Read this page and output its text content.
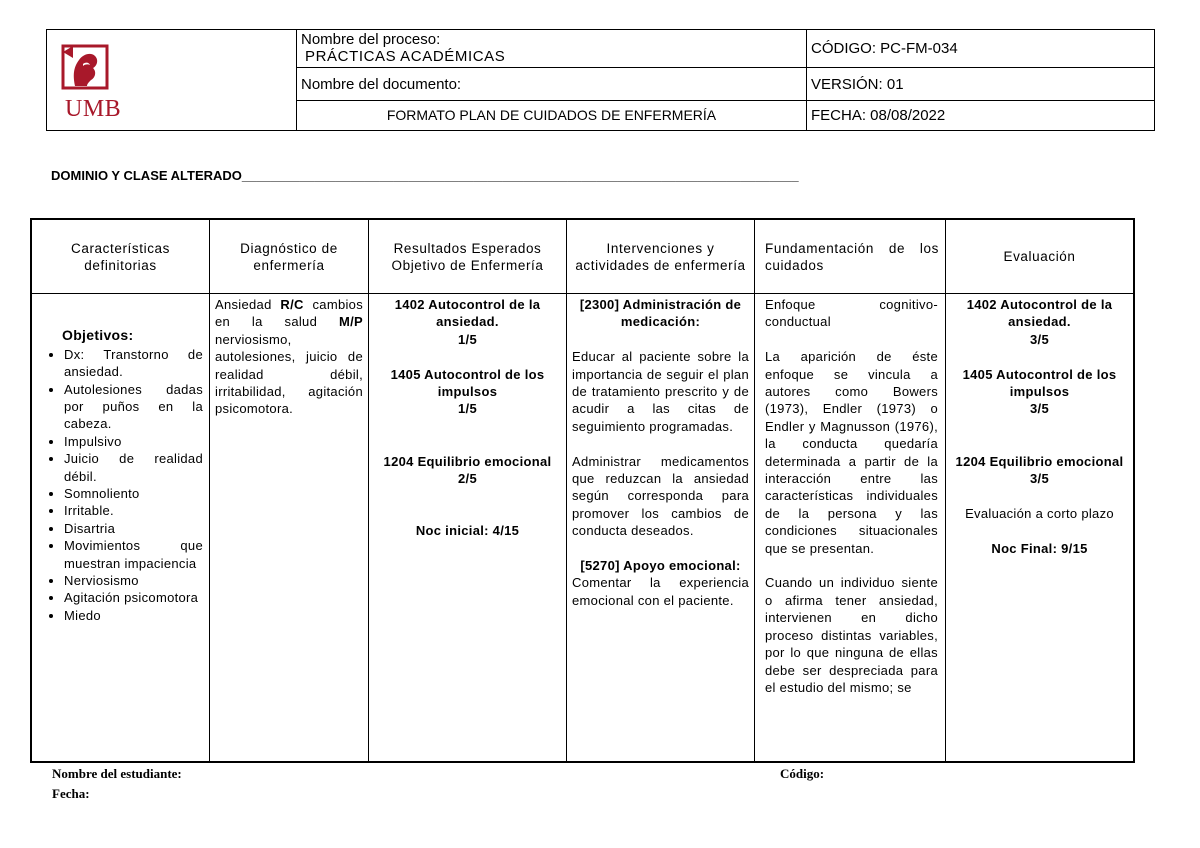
UMB
Nombre del proceso:
PRÁCTICAS ACADÉMICAS
Nombre del documento:
FORMATO PLAN DE CUIDADOS DE ENFERMERÍA
CÓDIGO: PC-FM-034
VERSIÓN: 01
FECHA: 08/08/2022
DOMINIO Y CLASE ALTERADO_____________________________________________________________________________
Características definitorias
Objetivos:
• Dx: Transtorno de ansiedad.
• Autolesiones dadas por puños en la cabeza.
• Impulsivo
• Juicio de realidad débil.
• Somnoliento
• Irritable.
• Disartria
• Movimientos que muestran impaciencia
• Nerviosismo
• Agitación psicomotora
• Miedo
Diagnóstico de enfermería
Ansiedad R/C cambios en la salud M/P nerviosismo, autolesiones, juicio de realidad débil, irritabilidad, agitación psicomotora.
Resultados Esperados Objetivo de Enfermería
1402 Autocontrol de la ansiedad.
1/5
1405 Autocontrol de los impulsos
1/5
1204 Equilibrio emocional
2/5
Noc inicial: 4/15
Intervenciones y actividades de enfermería
[2300] Administración de medicación:
Educar al paciente sobre la importancia de seguir el plan de tratamiento prescrito y de acudir a las citas de seguimiento programadas.
Administrar medicamentos que reduzcan la ansiedad según corresponda para promover los cambios de conducta deseados.
[5270] Apoyo emocional:
Comentar la experiencia emocional con el paciente.
Fundamentación de los cuidados
Enfoque cognitivo-conductual
La aparición de éste enfoque se vincula a autores como Bowers (1973), Endler (1973) o Endler y Magnusson (1976), la conducta quedaría determinada a partir de la interacción entre las características individuales de la persona y las condiciones situacionales que se presentan.
Cuando un individuo siente o afirma tener ansiedad, intervienen en dicho proceso distintas variables, por lo que ninguna de ellas debe ser despreciada para el estudio del mismo; se
Evaluación
1402 Autocontrol de la ansiedad.
3/5
1405 Autocontrol de los impulsos
3/5
1204 Equilibrio emocional
3/5
Evaluación a corto plazo
Noc Final: 9/15
Nombre del estudiante:	Código:
Fecha:
